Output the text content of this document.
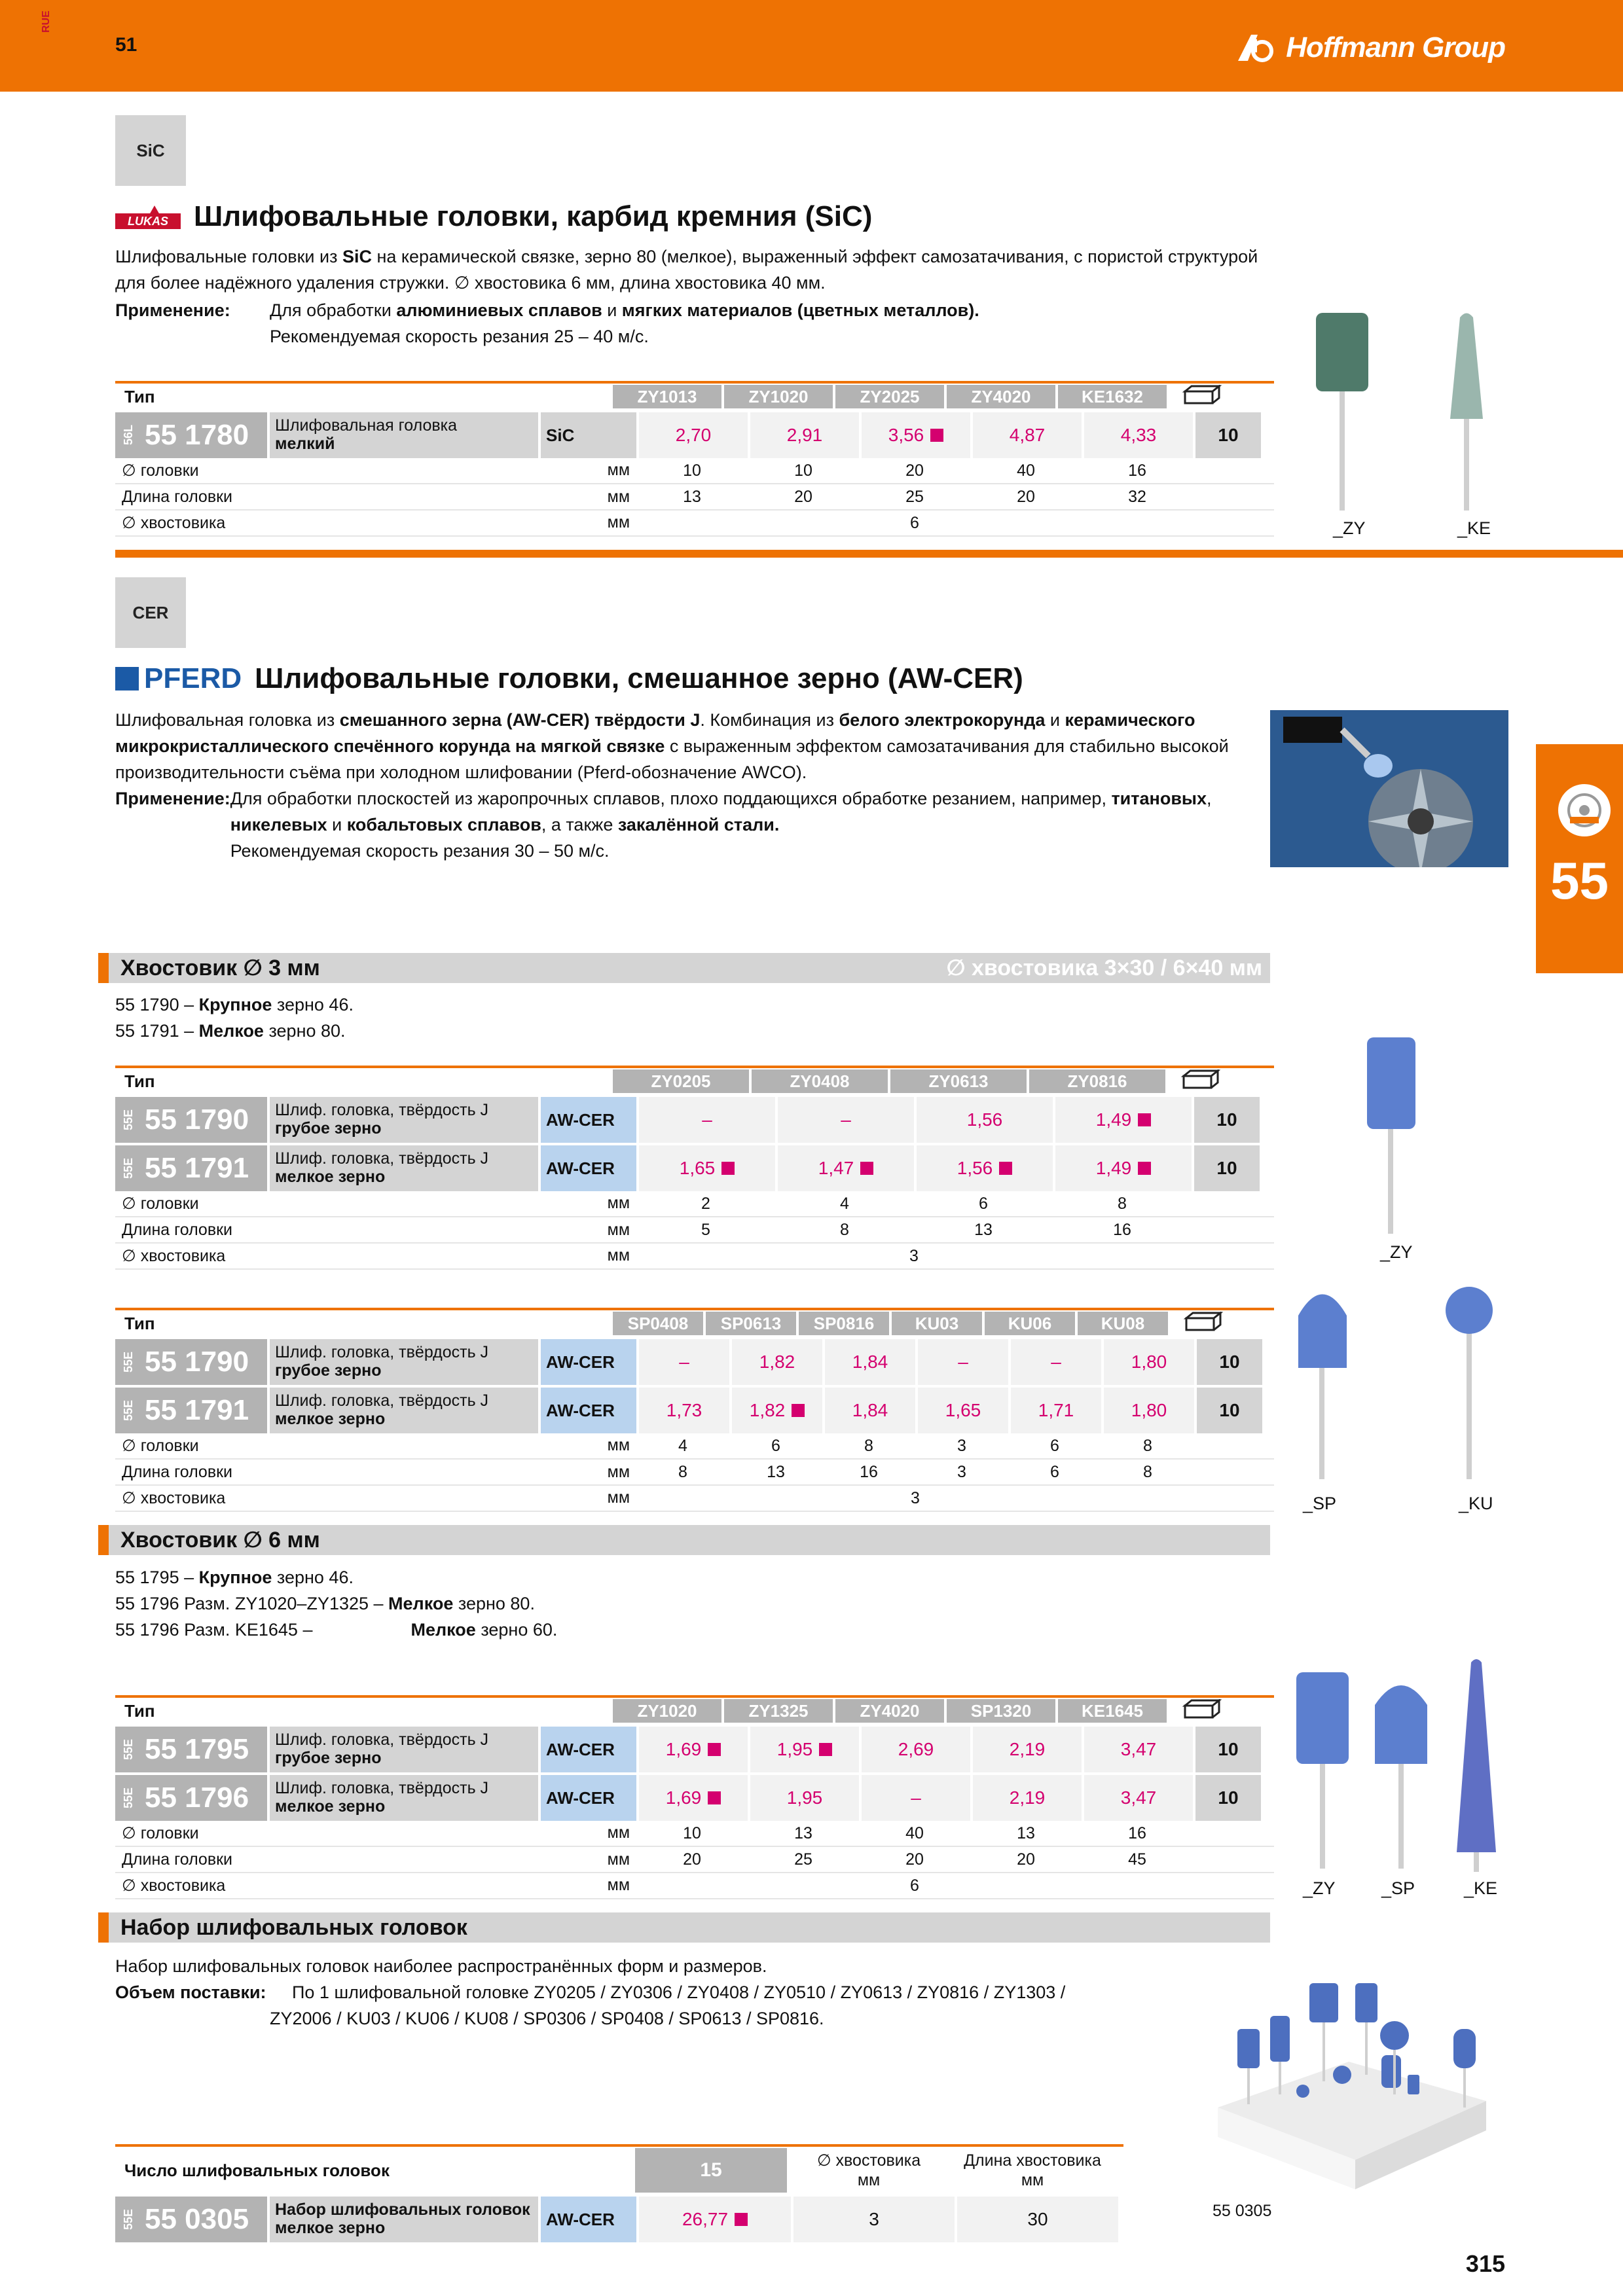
RUE
51	Hoffmann Group
55
SiC
LUKAS Шлифовальные головки, карбид кремния (SiC)
Шлифовальные головки из SiC на керамической связке, зерно 80 (мелкое), выраженный эффект самозатачивания, с пористой структурой для более надёжного удаления стружки. ∅ хвостовика 6 мм, длина хвостовика 40 мм.
Применение:	Для обработки алюминиевых сплавов и мягких материалов (цветных металлов).
Рекомендуемая скорость резания 25 – 40 м/с.
Тип	ZY1013	ZY1020	ZY2025	ZY4020	KE1632
56L 55 1780 Шлифовальная головка
мелкий	SiC	2,70	2,91	3,56	4,87	4,33	10
∅ головки	мм	10	10	20	40	16
Длина головки	мм	13	20	25	20	32
∅ хвостовика	мм	6	_ZY	_KE
CER
PFERD Шлифовальные головки, смешанное зерно (AW-CER)
Шлифовальная головка из смешанного зерна (AW-CER) твёрдости J. Комбинация из белого электрокорунда и керамического микрокристаллического спечённого корунда на мягкой связке с выраженным эффектом самозатачивания для стабильно высокой производительности съёма при холодном шлифовании (Pferd-обозначение AWCO).
Применение: Для обработки плоскостей из жаропрочных сплавов, плохо поддающихся обработке резанием, например, титановых, никелевых и кобальтовых сплавов, а также закалённой стали.
Рекомендуемая скорость резания 30 – 50 м/с.
Хвостовик ∅ 3 мм	∅ хвостовика 3×30 / 6×40 мм
55 1790 – Крупное зерно 46.
55 1791 – Мелкое зерно 80.
Тип	ZY0205	ZY0408	ZY0613	ZY0816
55E 55 1790 Шлиф. головка, твёрдость J
грубое зерно	AW-CER	–	–	1,56	1,49	10
55E 55 1791 Шлиф. головка, твёрдость J
мелкое зерно	AW-CER	1,65	1,47	1,56	1,49	10
∅ головки	мм	2	4	6	8
Длина головки	мм	5	8	13	16
∅ хвостовика	мм	3
Тип	SP0408	SP0613	SP0816	KU03	KU06	KU08
55E 55 1790 Шлиф. головка, твёрдость J
грубое зерно	AW-CER	–	1,82	1,84	–	–	1,80	10
55E 55 1791 Шлиф. головка, твёрдость J
мелкое зерно	AW-CER	1,73	1,82	1,84	1,65	1,71	1,80	10
∅ головки	мм	4	6	8	3	6	8
Длина головки	мм	8	13	16	3	6	8
∅ хвостовика	мм	3
_ZY
_SP	_KU
Хвостовик ∅ 6 мм
55 1795 – Крупное зерно 46.
55 1796 Разм. ZY1020–ZY1325 – Мелкое зерно 80.
55 1796 Разм. KE1645 –	Мелкое зерно 60.
Тип	ZY1020	ZY1325	ZY4020	SP1320	KE1645
55E 55 1795 Шлиф. головка, твёрдость J
грубое зерно	AW-CER	1,69	1,95	2,69	2,19	3,47	10
55E 55 1796 Шлиф. головка, твёрдость J
мелкое зерно	AW-CER	1,69	1,95	–	2,19	3,47	10
∅ головки	мм	10	13	40	13	16
Длина головки	мм	20	25	20	20	45
∅ хвостовика	мм	6	_ZY	_SP	_KE
Набор шлифовальных головок
Набор шлифовальных головок наиболее распространённых форм и размеров.
Объем поставки:	По 1 шлифовальной головке ZY0205 / ZY0306 / ZY0408 / ZY0510 / ZY0613 / ZY0816 / ZY1303 /
ZY2006 / KU03 / KU06 / KU08 / SP0306 / SP0408 / SP0613 / SP0816.
Число шлифовальных головок	15	∅ хвостовика
мм
Длина хвостовика
мм
55E 55 0305 Набор шлифовальных головок
мелкое зерно	AW-CER	26,77	3	30	55 0305
315
